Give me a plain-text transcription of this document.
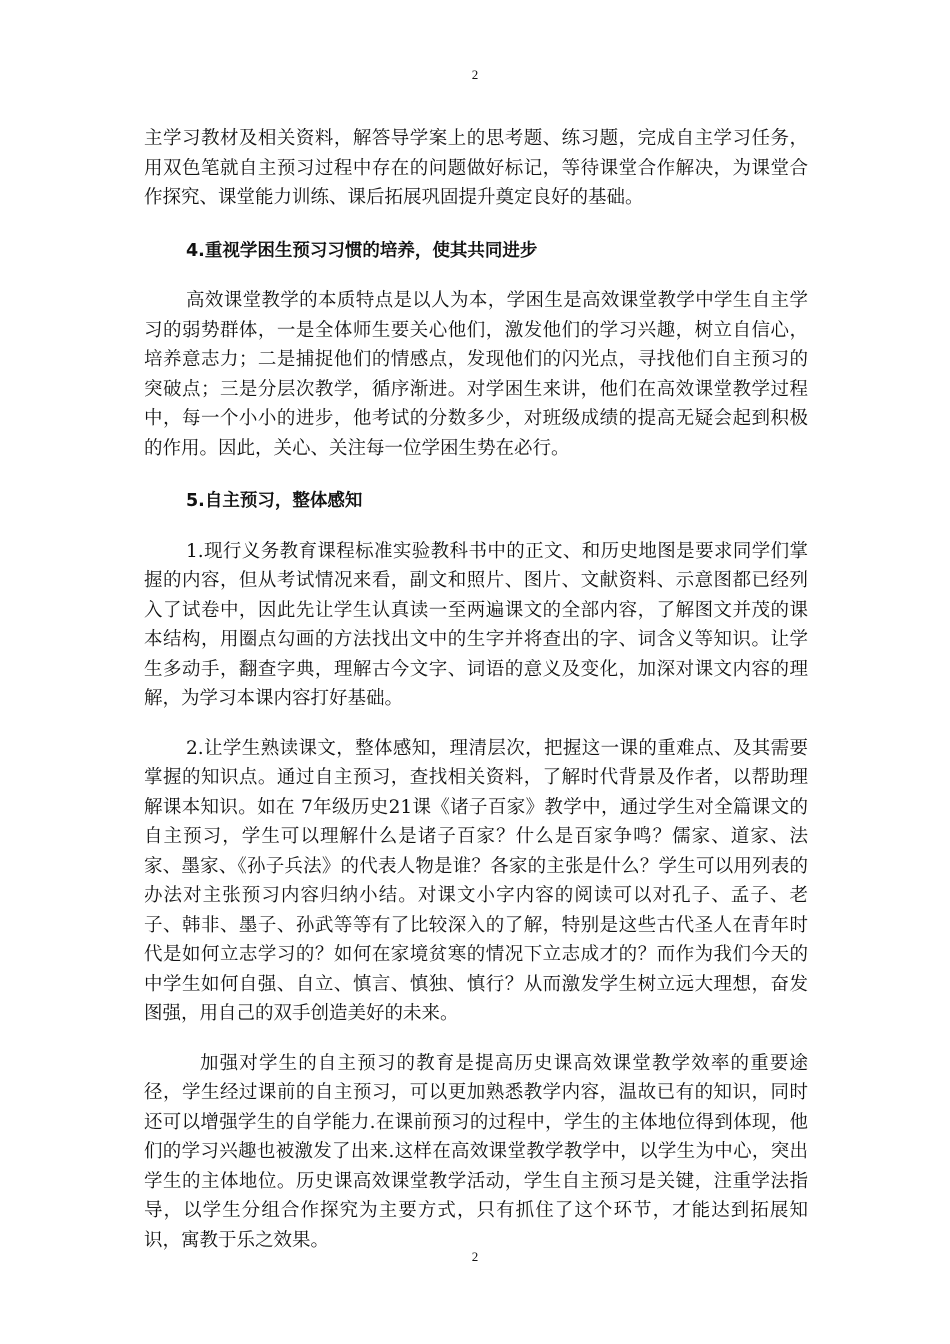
2

主学习教材及相关资料，解答导学案上的思考题、练习题，完成自主学习任务，用双色笔就自主预习过程中存在的问题做好标记，等待课堂合作解决，为课堂合作探究、课堂能力训练、课后拓展巩固提升奠定良好的基础。

4.重视学困生预习习惯的培养，使其共同进步

高效课堂教学的本质特点是以人为本，学困生是高效课堂教学中学生自主学习的弱势群体，一是全体师生要关心他们，激发他们的学习兴趣，树立自信心，培养意志力；二是捕捉他们的情感点，发现他们的闪光点，寻找他们自主预习的突破点；三是分层次教学，循序渐进。对学困生来讲，他们在高效课堂教学过程中，每一个小小的进步，他考试的分数多少，对班级成绩的提高无疑会起到积极的作用。因此，关心、关注每一位学困生势在必行。

5.自主预习，整体感知

1.现行义务教育课程标准实验教科书中的正文、和历史地图是要求同学们掌握的内容，但从考试情况来看，副文和照片、图片、文献资料、示意图都已经列入了试卷中，因此先让学生认真读一至两遍课文的全部内容，了解图文并茂的课本结构，用圈点勾画的方法找出文中的生字并将查出的字、词含义等知识。让学生多动手，翻查字典，理解古今文字、词语的意义及变化，加深对课文内容的理解，为学习本课内容打好基础。

2.让学生熟读课文，整体感知，理清层次，把握这一课的重难点、及其需要掌握的知识点。通过自主预习，查找相关资料，了解时代背景及作者，以帮助理解课本知识。如在 7年级历史21课《诸子百家》教学中，通过学生对全篇课文的自主预习，学生可以理解什么是诸子百家？什么是百家争鸣？儒家、道家、法家、墨家、《孙子兵法》的代表人物是谁？各家的主张是什么？学生可以用列表的办法对主张预习内容归纳小结。对课文小字内容的阅读可以对孔子、孟子、老子、韩非、墨子、孙武等等有了比较深入的了解，特别是这些古代圣人在青年时代是如何立志学习的？如何在家境贫寒的情况下立志成才的？而作为我们今天的中学生如何自强、自立、慎言、慎独、慎行？从而激发学生树立远大理想，奋发图强，用自己的双手创造美好的未来。

加强对学生的自主预习的教育是提高历史课高效课堂教学效率的重要途径，学生经过课前的自主预习，可以更加熟悉教学内容，温故已有的知识，同时还可以增强学生的自学能力.在课前预习的过程中，学生的主体地位得到体现，他们的学习兴趣也被激发了出来.这样在高效课堂教学教学中，以学生为中心，突出学生的主体地位。历史课高效课堂教学活动，学生自主预习是关键，注重学法指导，以学生分组合作探究为主要方式，只有抓住了这个环节，才能达到拓展知识，寓教于乐之效果。

2
